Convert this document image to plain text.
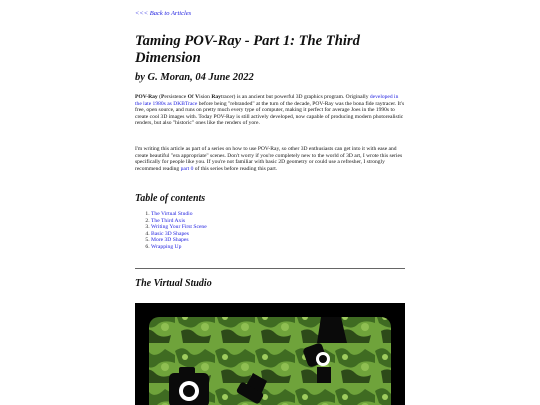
<<< Back to Articles
Taming POV-Ray - Part 1: The Third Dimension
by G. Moran, 04 June 2022

POV-Ray (Persistence Of Vision Raytracer) is an ancient but powerful 3D graphics program. Originally developed in the late 1980s as DKBTrace before being "rebranded" at the turn of the decade, POV-Ray was the bona fide raytracer. It's free, open source, and runs on pretty much every type of computer, making it perfect for average Joes in the 1990s to create cool 3D images with. Today POV-Ray is still actively developed, now capable of producing modern photorealistic renders, but also "historic" ones like the renders of yore.

I'm writing this article as part of a series on how to use POV-Ray, so other 3D enthusiasts can get into it with ease and create beautiful "era appropriate" scenes. Don't worry if you're completely new to the world of 3D art, I wrote this series specifically for people like you. If you're not familiar with basic 2D geometry or could use a refresher, I strongly recommend reading part 0 of this series before reading this part.

Table of contents
1. The Virtual Studio
2. The Third Axis
3. Writing Your First Scene
4. Basic 3D Shapes
5. More 3D Shapes
6. Wrapping Up
The Virtual Studio
